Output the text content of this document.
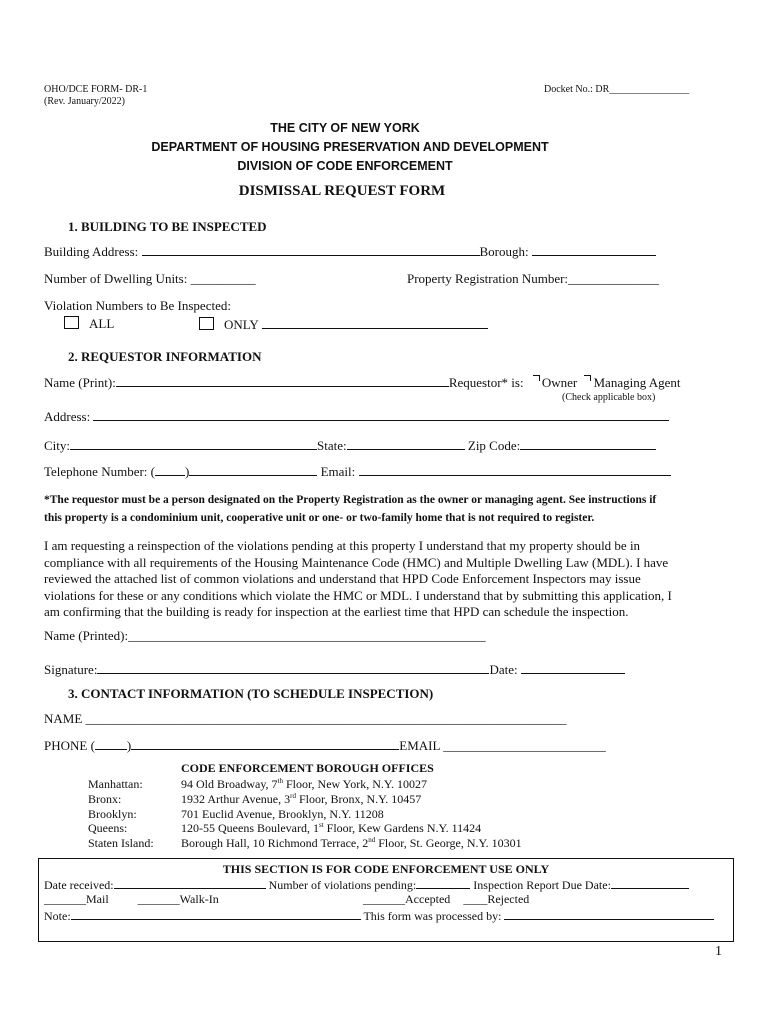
OHO/DCE FORM- DR-1
(Rev. January/2022)
Docket No.: DR________________
THE CITY OF NEW YORK
DEPARTMENT OF HOUSING PRESERVATION AND DEVELOPMENT
DIVISION OF CODE ENFORCEMENT
DISMISSAL REQUEST FORM
1. BUILDING TO BE INSPECTED
Building Address:	Borough:
Number of Dwelling Units: __________	Property Registration Number:______________
Violation Numbers to Be Inspected:
ALL	ONLY
2. REQUESTOR INFORMATION
Name (Print):	Requestor* is: Owner Managing Agent
(Check applicable box)
Address:
City:	State:	Zip Code:
Telephone Number: ( )	Email:
*The requestor must be a person designated on the Property Registration as the owner or managing agent. See instructions if
this property is a condominium unit, cooperative unit or one- or two-family home that is not required to register.
I am requesting a reinspection of the violations pending at this property I understand that my property should be in
compliance with all requirements of the Housing Maintenance Code (HMC) and Multiple Dwelling Law (MDL). I have
reviewed the attached list of common violations and understand that HPD Code Enforcement Inspectors may issue
violations for these or any conditions which violate the HMC or MDL. I understand that by submitting this application, I
am confirming that the building is ready for inspection at the earliest time that HPD can schedule the inspection.
Name (Printed):_______________________________________________________
Signature:	Date:
3. CONTACT INFORMATION (TO SCHEDULE INSPECTION)
NAME __________________________________________________________________________
PHONE ( )	EMAIL _________________________
CODE ENFORCEMENT BOROUGH OFFICES
Manhattan:	94 Old Broadway, 7th Floor, New York, N.Y. 10027
Bronx:	1932 Arthur Avenue, 3rd Floor, Bronx, N.Y. 10457
Brooklyn:	701 Euclid Avenue, Brooklyn, N.Y. 11208
Queens:	120-55 Queens Boulevard, 1st Floor, Kew Gardens N.Y. 11424
Staten Island:	Borough Hall, 10 Richmond Terrace, 2nd Floor, St. George, N.Y. 10301
THIS SECTION IS FOR CODE ENFORCEMENT USE ONLY
Date received:	Number of violations pending:	Inspection Report Due Date:
_______Mail _______Walk-In	_______Accepted ____Rejected
Note:	This form was processed by:
1
